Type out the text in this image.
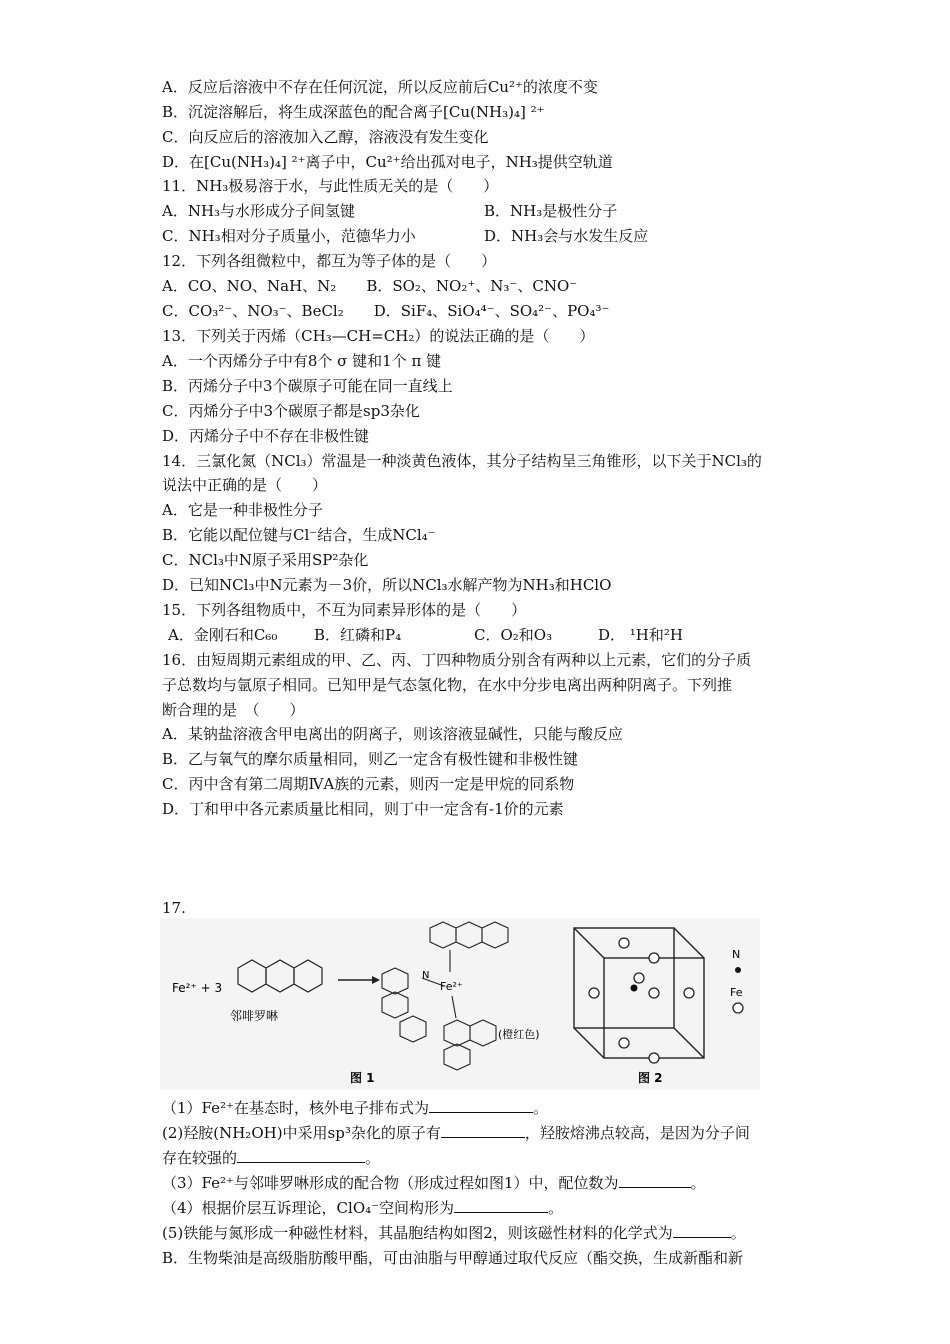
A．反应后溶液中不存在任何沉淀，所以反应前后Cu²⁺的浓度不变
B．沉淀溶解后，将生成深蓝色的配合离子[Cu(NH₃)₄] ²⁺
C．向反应后的溶液加入乙醇，溶液没有发生变化
D．在[Cu(NH₃)₄] ²⁺离子中，Cu²⁺给出孤对电子，NH₃提供空轨道
11．NH₃极易溶于水，与此性质无关的是（　　）
A．NH₃与水形成分子间氢键	B．NH₃是极性分子
C．NH₃相对分子质量小，范德华力小	D．NH₃会与水发生反应
12．下列各组微粒中，都互为等子体的是（　　）
A．CO、NO、NaH、N₂　　B．SO₂、NO₂⁺、N₃⁻、CNO⁻
C．CO₃²⁻、NO₃⁻、BeCl₂　　D．SiF₄、SiO₄⁴⁻、SO₄²⁻、PO₄³⁻
13．下列关于丙烯（CH₃—CH=CH₂）的说法正确的是（　　）
A．一个丙烯分子中有8个 σ 键和1个 π 键
B．丙烯分子中3个碳原子可能在同一直线上
C．丙烯分子中3个碳原子都是sp3杂化
D．丙烯分子中不存在非极性键
14．三氯化氮（NCl₃）常温是一种淡黄色液体，其分子结构呈三角锥形，以下关于NCl₃的
说法中正确的是（　　）
A．它是一种非极性分子
B．它能以配位键与Cl⁻结合，生成NCl₄⁻
C．NCl₃中N原子采用SP²杂化
D．已知NCl₃中N元素为－3价，所以NCl₃水解产物为NH₃和HClO
15．下列各组物质中，不互为同素异形体的是（　　）
A．金刚石和C₆₀ B．红磷和P₄	C．O₂和O₃	D． ¹H和²H
16．由短周期元素组成的甲、乙、丙、丁四种物质分别含有两种以上元素，它们的分子质
子总数均与氩原子相同。已知甲是气态氢化物，在水中分步电离出两种阴离子。下列推
断合理的是　（　　）
A．某钠盐溶液含甲电离出的阴离子，则该溶液显碱性，只能与酸反应
B．乙与氧气的摩尔质量相同，则乙一定含有极性键和非极性键
C．丙中含有第二周期ⅣA族的元素，则丙一定是甲烷的同系物
D．丁和甲中各元素质量比相同，则丁中一定含有-1价的元素
17.
Fe²⁺ + 3
邻啡罗啉
Fe²⁺
N
(橙红色)
图 1
N
Fe
图 2
（1）Fe²⁺在基态时，核外电子排布式为	。
(2)羟胺(NH₂OH)中采用sp³杂化的原子有	，羟胺熔沸点较高，是因为分子间
存在较强的	。
（3）Fe²⁺与邻啡罗啉形成的配合物（形成过程如图1）中，配位数为	。
（4）根据价层互诉理论，ClO₄⁻空间构形为	。
(5)铁能与氮形成一种磁性材料，其晶胞结构如图2，则该磁性材料的化学式为	。
B．生物柴油是高级脂肪酸甲酯，可由油脂与甲醇通过取代反应（酯交换，生成新酯和新
